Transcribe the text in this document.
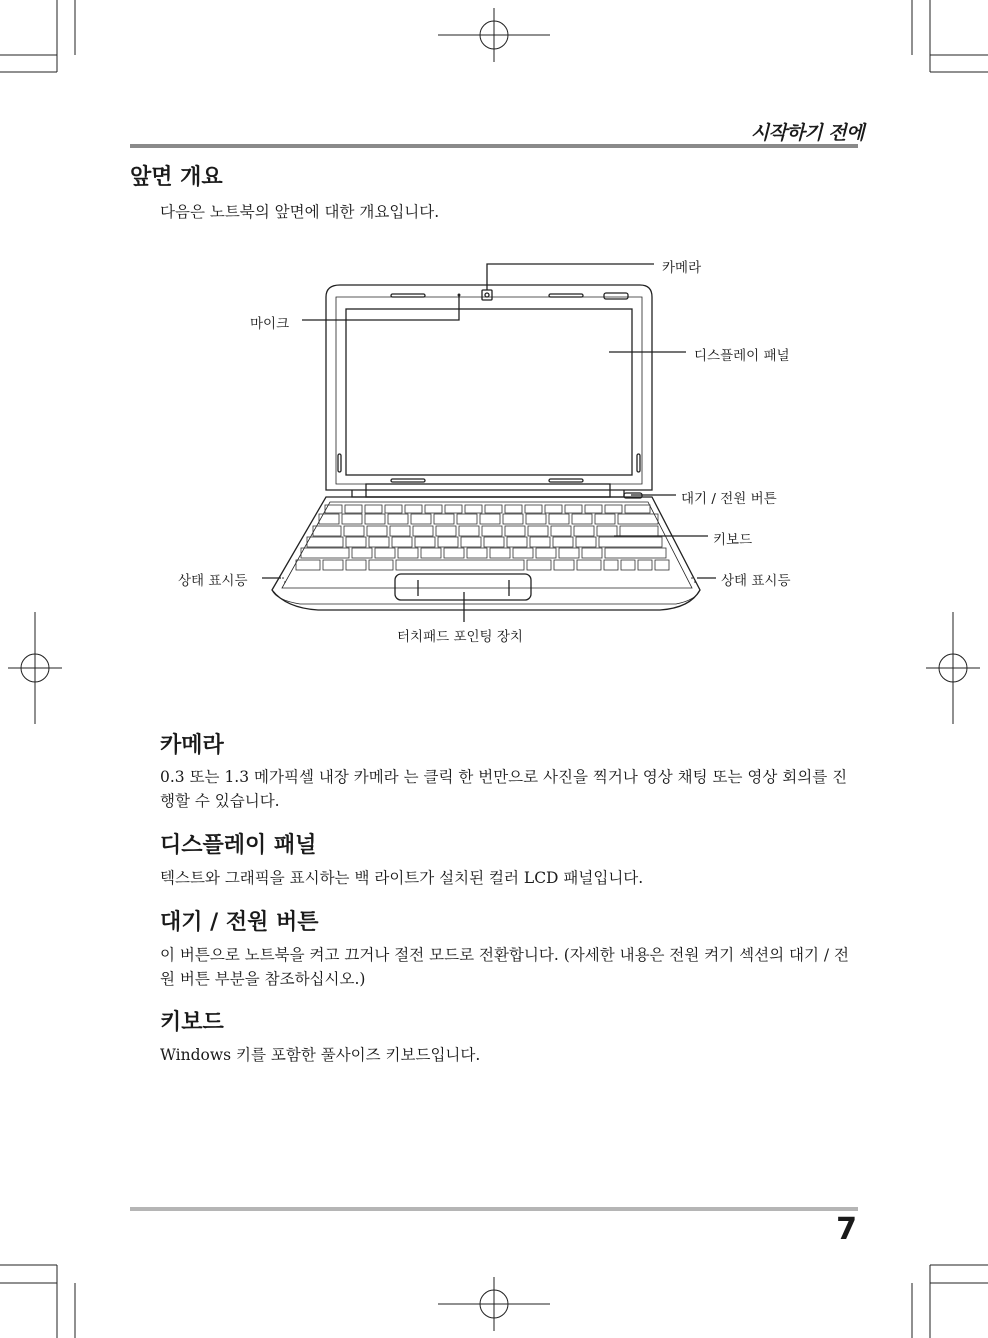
시작하기 전에
앞면 개요
다음은 노트북의 앞면에 대한 개요입니다.
카메라
마이크
디스플레이 패널
대기 / 전원 버튼
키보드
상태 표시등	상태 표시등
터치패드 포인팅 장치
카메라
0.3 또는 1.3 메가픽셀 내장 카메라 는 클릭 한 번만으로 사진을 찍거나 영상 채팅 또는 영상 회의를 진행할 수 있습니다.
디스플레이 패널
텍스트와 그래픽을 표시하는 백 라이트가 설치된 컬러 LCD 패널입니다.
대기 / 전원 버튼
이 버튼으로 노트북을 켜고 끄거나 절전 모드로 전환합니다. (자세한 내용은 전원 켜기 섹션의 대기 / 전원 버튼 부분을 참조하십시오.)
키보드
Windows 키를 포함한 풀사이즈 키보드입니다.
7
